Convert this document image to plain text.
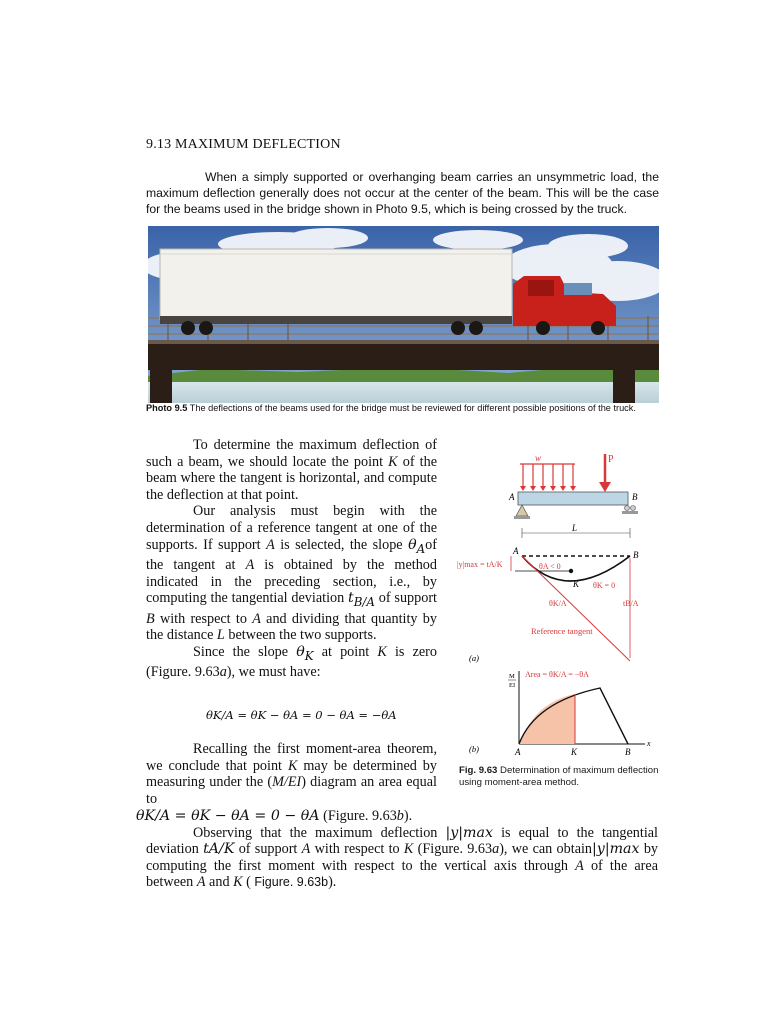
9.13 MAXIMUM DEFLECTION

When a simply supported or overhanging beam carries an unsymmetric load, the maximum deflection generally does not occur at the center of the beam. This will be the case for the beams used in the bridge shown in Photo 9.5, which is being crossed by the truck.

Photo 9.5 The deflections of the beams used for the bridge must be reviewed for different possible positions of the truck.

To determine the maximum deflection of such a beam, we should locate the point K of the beam where the tangent is horizontal, and compute the deflection at that point.

Our analysis must begin with the determination of a reference tangent at one of the supports. If support A is selected, the slope $\theta_Aof$ the tangent at A is obtained by the method indicated in the preceding section, i.e., by computing the tangential deviation $t_{B/A}$ of support B with respect to A and dividing that quantity by the distance L between the two supports.

Since the slope $\theta_K$ at point K is zero (Figure. 9.63a), we must have:

θK/A = θK − θA = 0 − θA = −θA

Recalling the first moment-area theorem, we conclude that point K may be determined by measuring under the (M/EI) diagram an area equal to

θK/A = θK − θA = 0 − θA (Figure. 9.63b).

Observing that the maximum deflection |y|max is equal to the tangential deviation tA/K of support A with respect to K (Figure. 9.63a), we can obtain|y|max by computing the first moment with respect to the vertical axis through A of the area between A and K ( Figure. 9.63b).

w	P
A	B
L
A	B
K
|y|max = tA/K	θA < 0
θK = 0
θK/A	tB/A
Reference tangent
(a)
M
EI
x
Area = θK/A = −θA
(b)	A	K	B
Fig. 9.63 Determination of maximum deflection using moment-area method.
